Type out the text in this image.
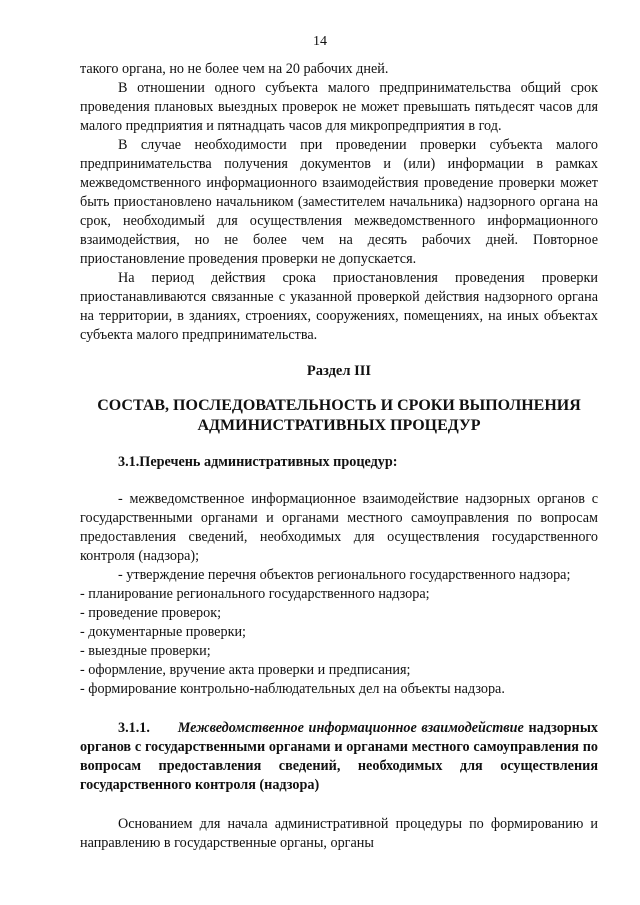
14

такого органа, но не более чем на 20 рабочих дней.

В отношении одного субъекта малого предпринимательства общий срок проведения плановых выездных проверок не может превышать пятьдесят часов для малого предприятия и пятнадцать часов для микропредприятия в год.

В случае необходимости при проведении проверки субъекта малого предпринимательства получения документов и (или) информации в рамках межведомственного информационного взаимодействия проведение проверки может быть приостановлено начальником (заместителем начальника) надзорного органа на срок, необходимый для осуществления межведомственного информационного взаимодействия, но не более чем на десять рабочих дней. Повторное приостановление проведения проверки не допускается.

На период действия срока приостановления проведения проверки приостанавливаются связанные с указанной проверкой действия надзорного органа на территории, в зданиях, строениях, сооружениях, помещениях, на иных объектах субъекта малого предпринимательства.

Раздел III

СОСТАВ, ПОСЛЕДОВАТЕЛЬНОСТЬ И СРОКИ ВЫПОЛНЕНИЯ АДМИНИСТРАТИВНЫХ ПРОЦЕДУР

3.1.Перечень административных процедур:

- межведомственное информационное взаимодействие надзорных органов с государственными органами и органами местного самоуправления по вопросам предоставления сведений, необходимых для осуществления государственного контроля (надзора);

- утверждение перечня объектов регионального государственного надзора;

- планирование регионального государственного надзора;

- проведение проверок;

- документарные проверки;

- выездные проверки;

- оформление, вручение акта проверки и предписания;

- формирование контрольно-наблюдательных дел на объекты надзора.

3.1.1. Межведомственное информационное взаимодействие надзорных органов с государственными органами и органами местного самоуправления по вопросам предоставления сведений, необходимых для осуществления государственного контроля (надзора)

Основанием для начала административной процедуры по формированию и направлению в государственные органы, органы
